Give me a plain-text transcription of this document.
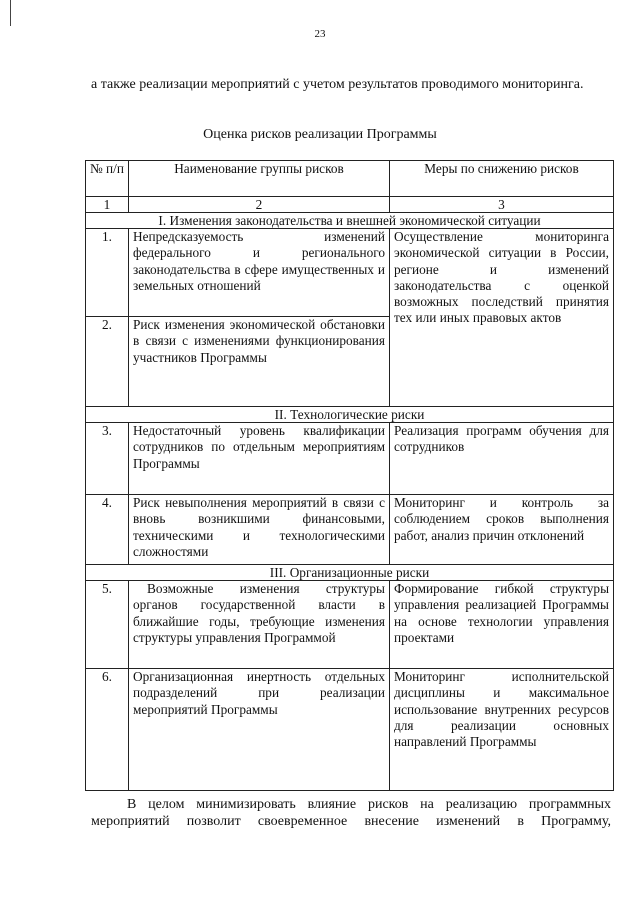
23
а также реализации мероприятий с учетом результатов проводимого мониторинга.
Оценка рисков реализации Программы
№ п/п	Наименование группы рисков	Меры по снижению рисков
1	2	3
I. Изменения законодательства и внешней экономической ситуации		
1.	Непредсказуемость изменений федерального и регионального законодательства в сфере имущественных и земельных отношений	Осуществление мониторинга экономической ситуации в России, регионе и изменений законодательства с оценкой возможных последствий принятия тех или иных правовых актов
2.	Риск изменения экономической обстановки в связи с изменениями функционирования участников Программы	
II. Технологические риски		
3.	Недостаточный уровень квалификации сотрудников по отдельным мероприятиям Программы	Реализация программ обучения для сотрудников
4.	Риск невыполнения мероприятий в связи с вновь возникшими финансовыми, техническими и технологическими сложностями	Мониторинг и контроль за соблюдением сроков выполнения работ, анализ причин отклонений
III. Организационные риски		
5.	Возможные изменения структуры органов государственной власти в ближайшие годы, требующие изменения структуры управления Программой	Формирование гибкой структуры управления реализацией Программы на основе технологии управления проектами
6.	Организационная инертность отдельных подразделений при реализации мероприятий Программы	Мониторинг исполнительской дисциплины и максимальное использование внутренних ресурсов для реализации основных направлений Программы
В целом минимизировать влияние рисков на реализацию программных мероприятий позволит своевременное внесение изменений в Программу,
